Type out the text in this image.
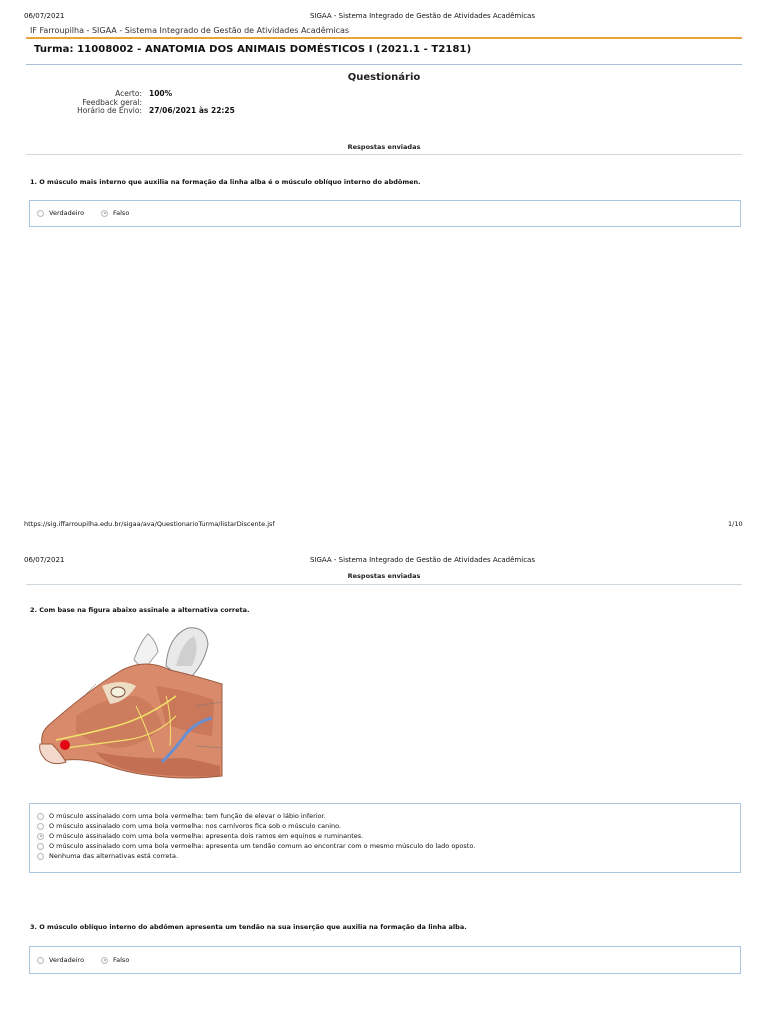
06/07/2021	SIGAA - Sistema Integrado de Gestão de Atividades Acadêmicas
IF Farroupilha - SIGAA - Sistema Integrado de Gestão de Atividades Acadêmicas
Turma: 11008002 - ANATOMIA DOS ANIMAIS DOMÉSTICOS I (2021.1 - T2181)
Questionário
Acerto: 100%
Feedback geral:
Horário de Envio: 27/06/2021 às 22:25
Respostas enviadas
1. O músculo mais interno que auxilia na formação da linha alba é o músculo oblíquo interno do abdômen.
Verdadeiro	Falso
https://sig.iffarroupilha.edu.br/sigaa/ava/QuestionarioTurma/listarDiscente.jsf	1/10
06/07/2021	SIGAA - Sistema Integrado de Gestão de Atividades Acadêmicas
Respostas enviadas
2. Com base na figura abaixo assinale a alternativa correta.
O músculo assinalado com uma bola vermelha: tem função de elevar o lábio inferior.
O músculo assinalado com uma bola vermelha: nos carnívoros fica sob o músculo canino.
O músculo assinalado com uma bola vermelha: apresenta dois ramos em equinos e ruminantes.
O músculo assinalado com uma bola vermelha: apresenta um tendão comum ao encontrar com o mesmo músculo do lado oposto.
Nenhuma das alternativas está correta.
3. O músculo oblíquo interno do abdômen apresenta um tendão na sua inserção que auxilia na formação da linha alba.
Verdadeiro	Falso
